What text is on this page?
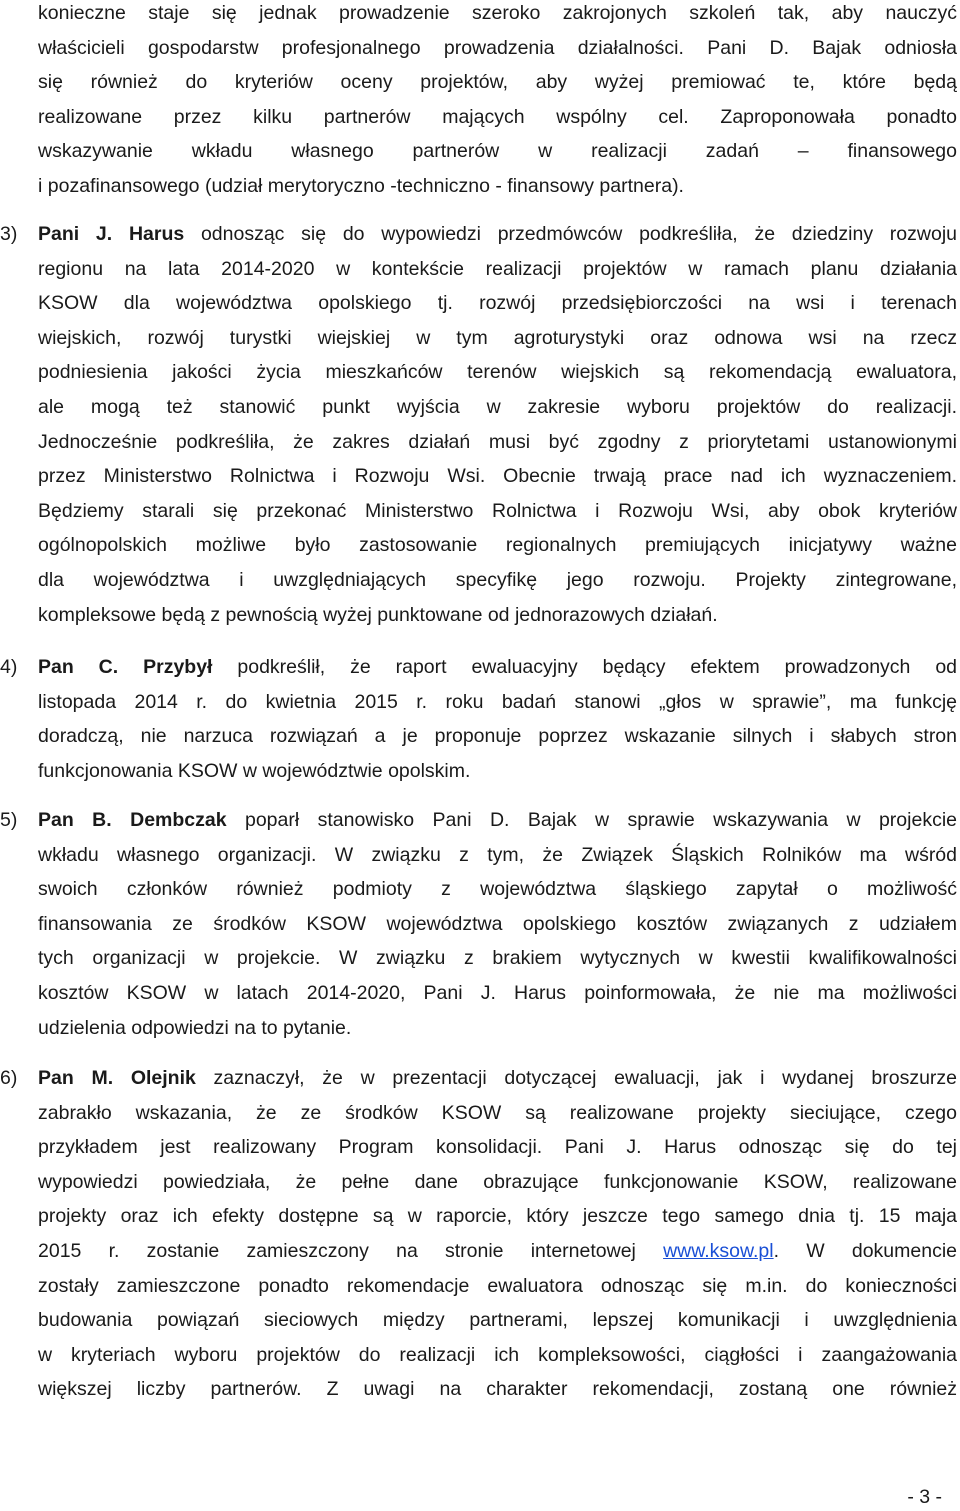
konieczne staje się jednak prowadzenie szeroko zakrojonych szkoleń tak, aby nauczyć
właścicieli gospodarstw profesjonalnego prowadzenia działalności. Pani D. Bajak odniosła
się również do kryteriów oceny projektów, aby wyżej premiować te, które będą
realizowane przez kilku partnerów mających wspólny cel. Zaproponowała ponadto
wskazywanie wkładu własnego partnerów w realizacji zadań – finansowego
i pozafinansowego (udział merytoryczno -techniczno - finansowy partnera).
3)	Pani J. Harus odnosząc się do wypowiedzi przedmówców podkreśliła, że dziedziny rozwoju
regionu na lata 2014-2020 w kontekście realizacji projektów w ramach planu działania
KSOW dla województwa opolskiego tj. rozwój przedsiębiorczości na wsi i terenach
wiejskich, rozwój turystki wiejskiej w tym agroturystyki oraz odnowa wsi na rzecz
podniesienia jakości życia mieszkańców terenów wiejskich są rekomendacją ewaluatora,
ale mogą też stanowić punkt wyjścia w zakresie wyboru projektów do realizacji.
Jednocześnie podkreśliła, że zakres działań musi być zgodny z priorytetami ustanowionymi
przez Ministerstwo Rolnictwa i Rozwoju Wsi. Obecnie trwają prace nad ich wyznaczeniem.
Będziemy starali się przekonać Ministerstwo Rolnictwa i Rozwoju Wsi, aby obok kryteriów
ogólnopolskich możliwe było zastosowanie regionalnych premiujących inicjatywy ważne
dla województwa i uwzględniających specyfikę jego rozwoju. Projekty zintegrowane,
kompleksowe będą z pewnością wyżej punktowane od jednorazowych działań.
4)	Pan C. Przybył podkreślił, że raport ewaluacyjny będący efektem prowadzonych od
listopada 2014 r. do kwietnia 2015 r. roku badań stanowi „głos w sprawie”, ma funkcję
doradczą, nie narzuca rozwiązań a je proponuje poprzez wskazanie silnych i słabych stron
funkcjonowania KSOW w województwie opolskim.
5)	Pan B. Dembczak poparł stanowisko Pani D. Bajak w sprawie wskazywania w projekcie
wkładu własnego organizacji. W związku z tym, że Związek Śląskich Rolników ma wśród
swoich członków również podmioty z województwa śląskiego zapytał o możliwość
finansowania ze środków KSOW województwa opolskiego kosztów związanych z udziałem
tych organizacji w projekcie. W związku z brakiem wytycznych w kwestii kwalifikowalności
kosztów KSOW w latach 2014-2020, Pani J. Harus poinformowała, że nie ma możliwości
udzielenia odpowiedzi na to pytanie.
6)	Pan M. Olejnik zaznaczył, że w prezentacji dotyczącej ewaluacji, jak i wydanej broszurze
zabrakło wskazania, że ze środków KSOW są realizowane projekty sieciujące, czego
przykładem jest realizowany Program konsolidacji. Pani J. Harus odnosząc się do tej
wypowiedzi powiedziała, że pełne dane obrazujące funkcjonowanie KSOW, realizowane
projekty oraz ich efekty dostępne są w raporcie, który jeszcze tego samego dnia tj. 15 maja
2015 r. zostanie zamieszczony na stronie internetowej www.ksow.pl. W dokumencie
zostały zamieszczone ponadto rekomendacje ewaluatora odnosząc się m.in. do konieczności
budowania powiązań sieciowych między partnerami, lepszej komunikacji i uwzględnienia
w kryteriach wyboru projektów do realizacji ich kompleksowości, ciągłości i zaangażowania
większej liczby partnerów. Z uwagi na charakter rekomendacji, zostaną one również
- 3 -
